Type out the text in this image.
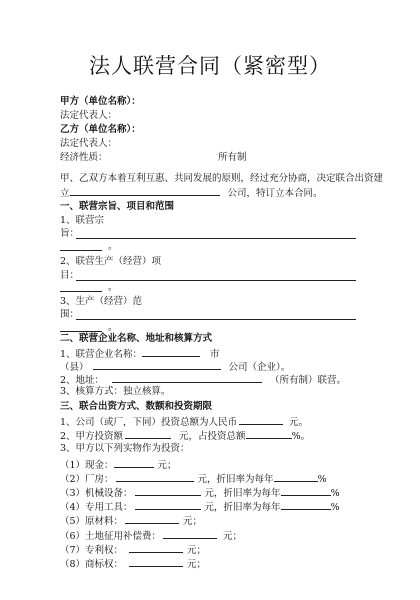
法人联营合同（紧密型）
甲方（单位名称）：
法定代表人：
乙方（单位名称）：
法定代表人：
经济性质：	所有制
甲、乙双方本着互利互惠、共同发展的原则，经过充分协商，决定联合出资建
立	公司，特订立本合同。
一、联营宗旨、项目和范围
1、联营宗
旨：
。
2、联营生产（经营）项
目：
。
3、生产（经营）范
围：
。
二、联营企业名称、地址和核算方式
1、联营企业名称：	市
（县）	公司（企业）。
2、地址：	（所有制）联营。
3、核算方式：独立核算。
三、联合出资方式、数额和投资期限
1、公司（或厂，下同）投资总额为人民币	元。
2、甲方投资额	元，占投资总额	%。
3、甲方以下列实物作为投资：
（1）现金：	元；
（2）厂房：	元，折旧率为每年	%
（3）机械设备：	元，折旧率为每年	%
（4）专用工具：	元，折旧率为每年	%
（5）原材料：	元；
（6）土地征用补偿费：	元；
（7）专利权：	元；
（8）商标权：	元；
